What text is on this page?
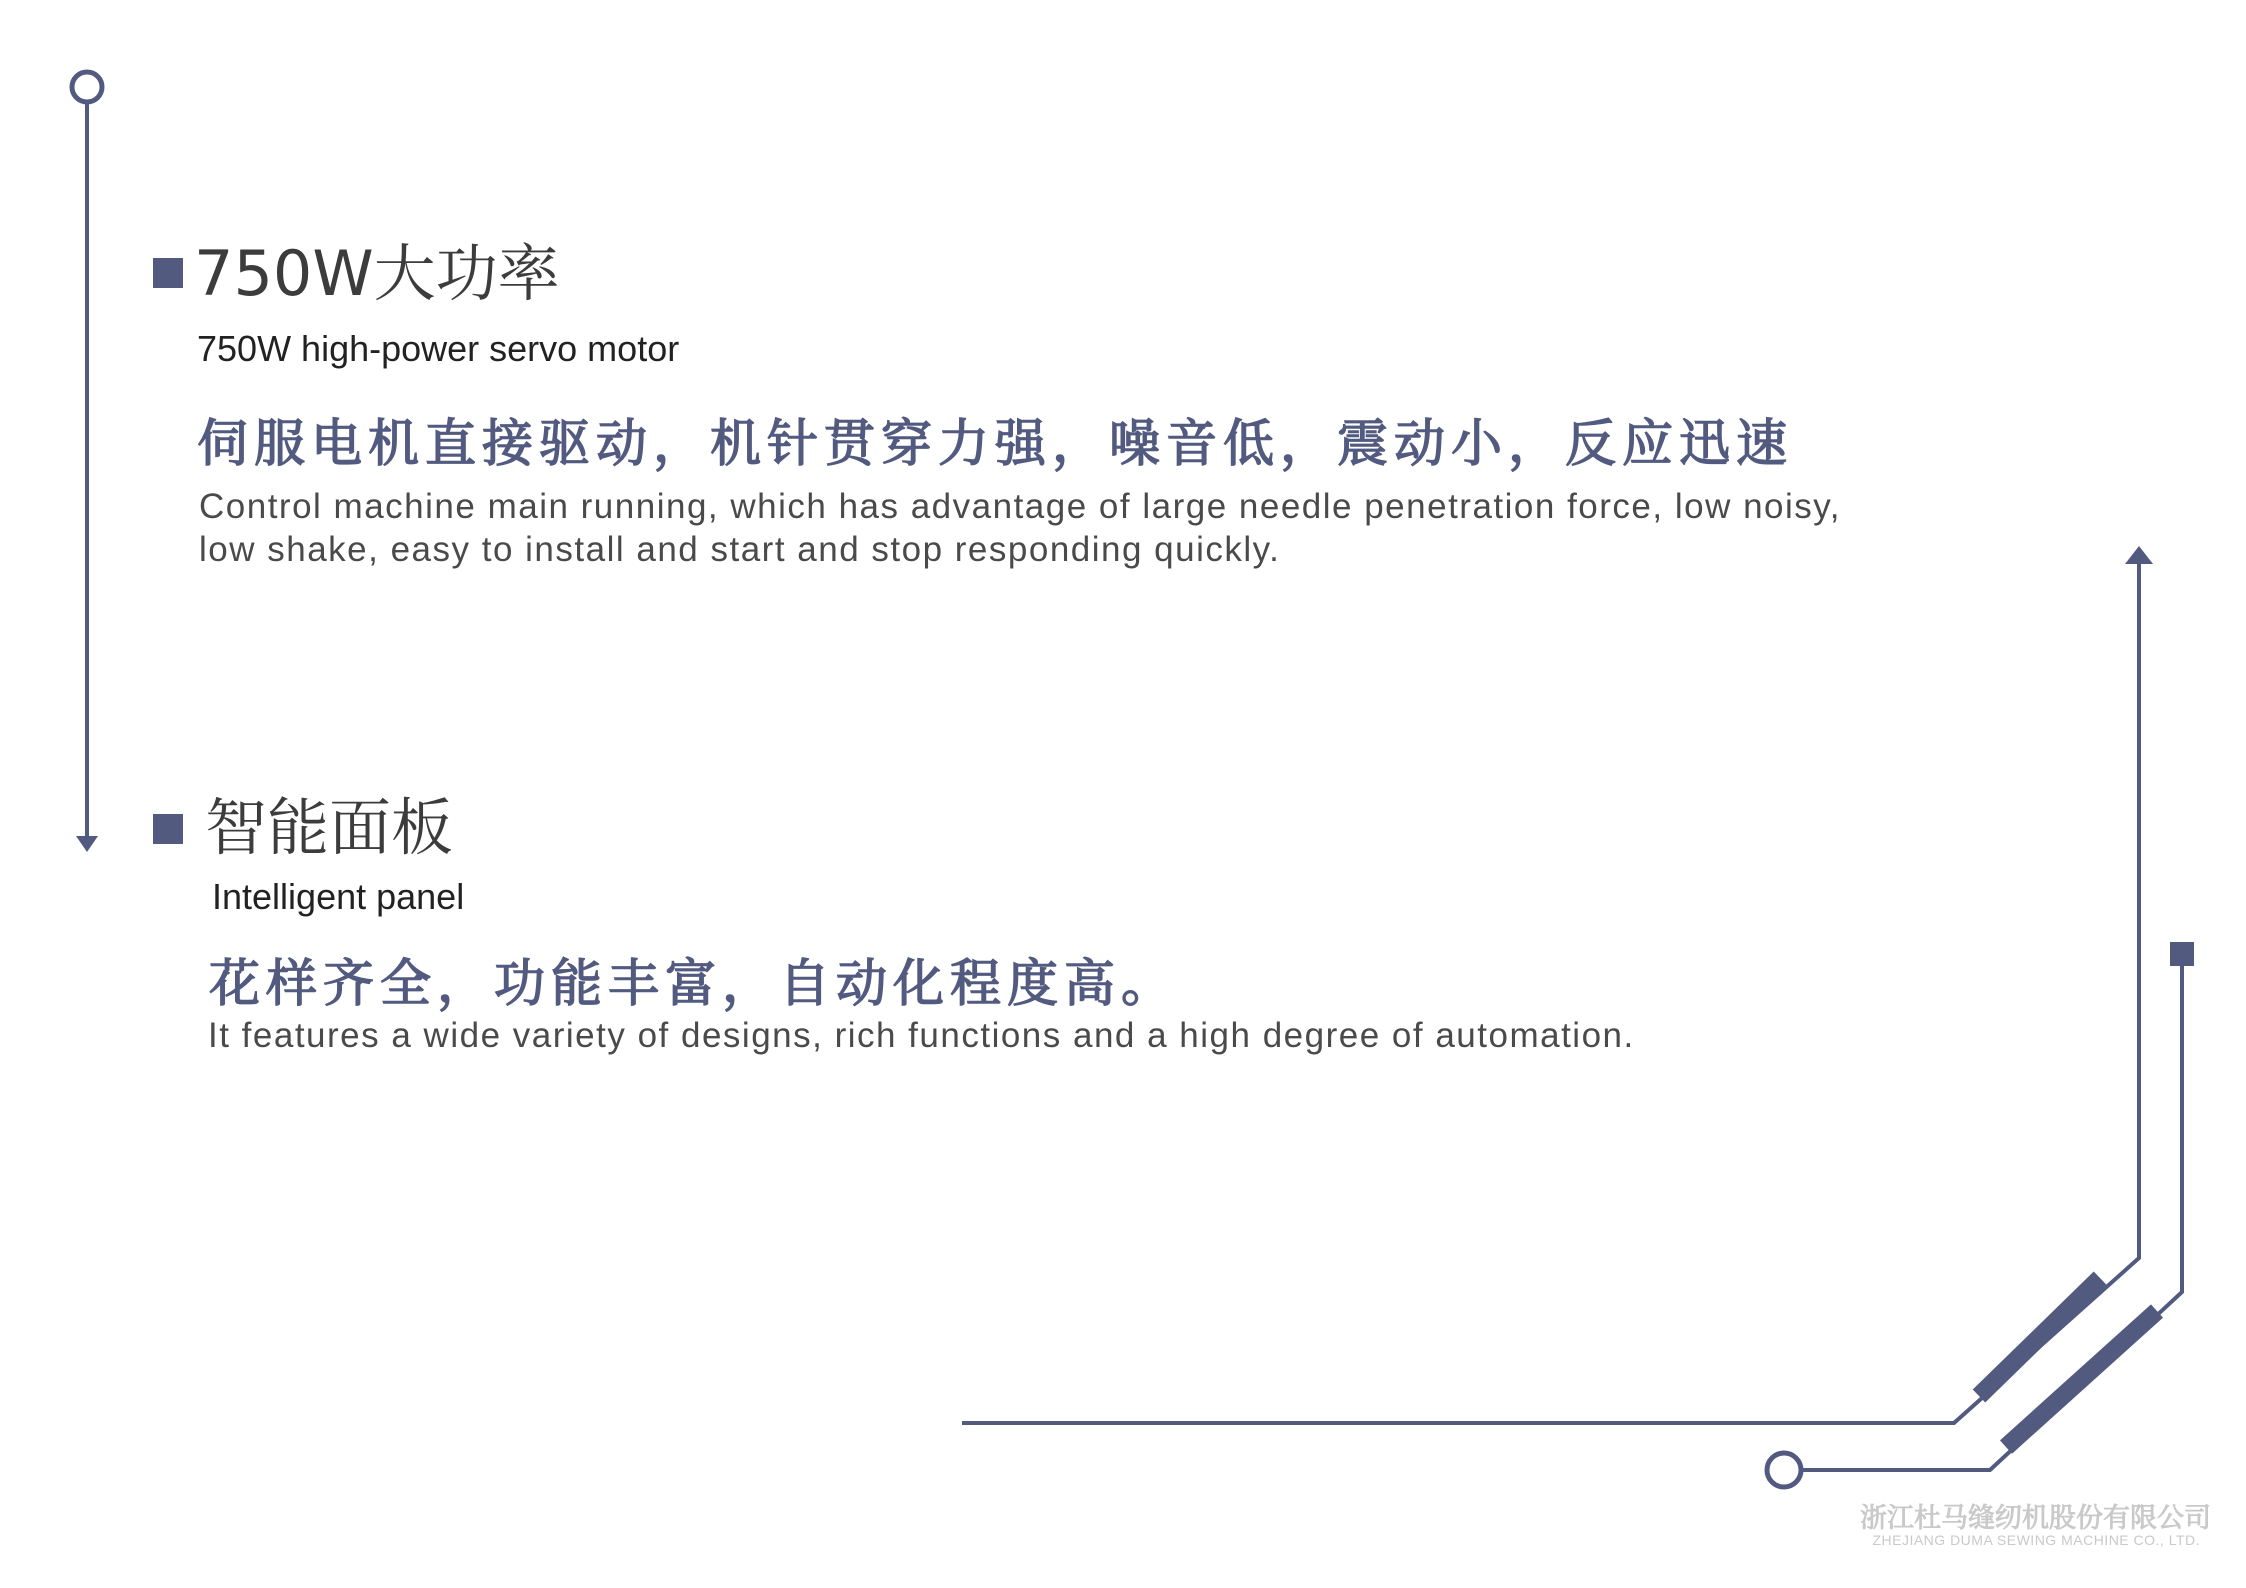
750W大功率
750W high-power servo motor
伺服电机直接驱动，机针贯穿力强，噪音低，震动小，反应迅速
Control machine main running, which has advantage of large needle penetration force, low noisy,
low shake, easy to install and start and stop responding quickly.
智能面板
Intelligent panel
花样齐全，功能丰富，自动化程度高。
It features a wide variety of designs, rich functions and a high degree of automation.
浙江杜马缝纫机股份有限公司
ZHEJIANG DUMA SEWING MACHINE CO., LTD.
